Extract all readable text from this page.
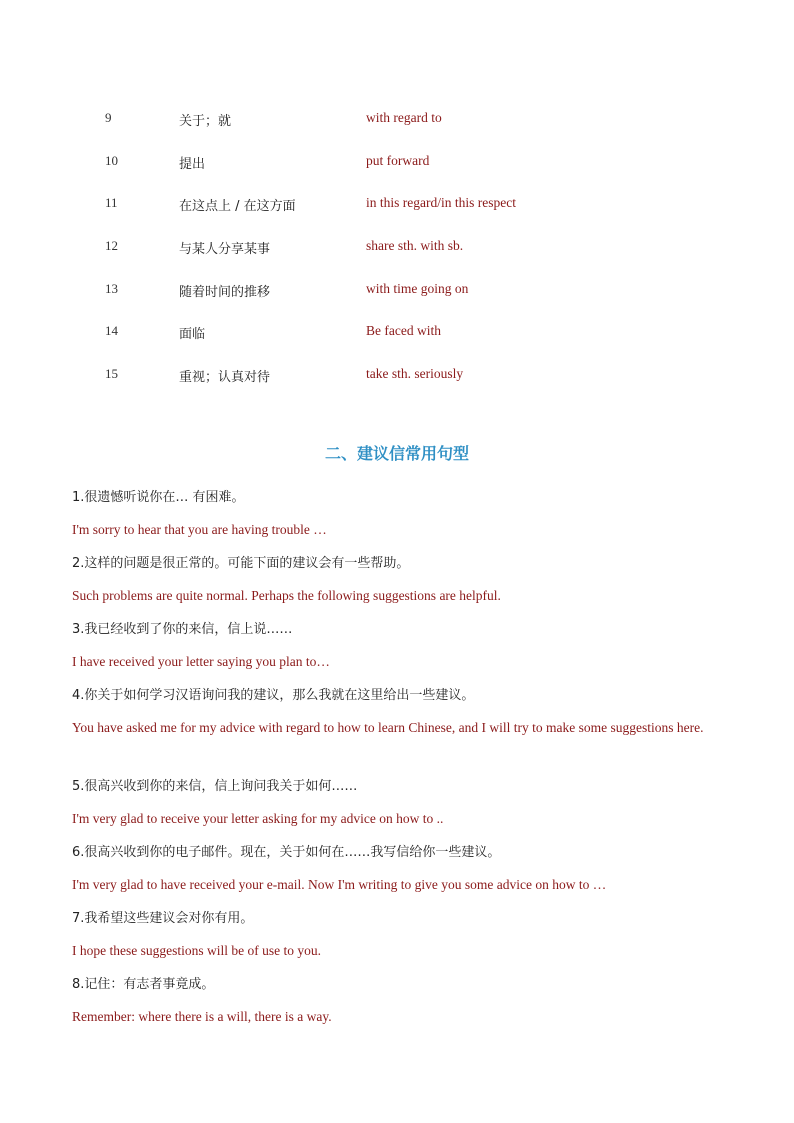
9	关于；就	with regard to
10	提出	put forward
11	在这点上 / 在这方面	in this regard/in this respect
12	与某人分享某事	share sth. with sb.
13	随着时间的推移	with time going on
14	面临	Be faced with
15	重视；认真对待	take sth. seriously
二、建议信常用句型
1.很遗憾听说你在… 有困难。
I'm sorry to hear that you are having trouble …
2.这样的问题是很正常的。可能下面的建议会有一些帮助。
Such problems are quite normal. Perhaps the following suggestions are helpful.
3.我已经收到了你的来信，信上说……
I have received your letter saying you plan to…
4.你关于如何学习汉语询问我的建议，那么我就在这里给出一些建议。
You have asked me for my advice with regard to how to learn Chinese, and I will try to make some suggestions here.
5.很高兴收到你的来信，信上询问我关于如何……
I'm very glad to receive your letter asking for my advice on how to ..
6.很高兴收到你的电子邮件。现在，关于如何在……我写信给你一些建议。
I'm very glad to have received your e-mail. Now I'm writing to give you some advice on how to …
7.我希望这些建议会对你有用。
I hope these suggestions will be of use to you.
8.记住：有志者事竟成。
Remember: where there is a will, there is a way.
